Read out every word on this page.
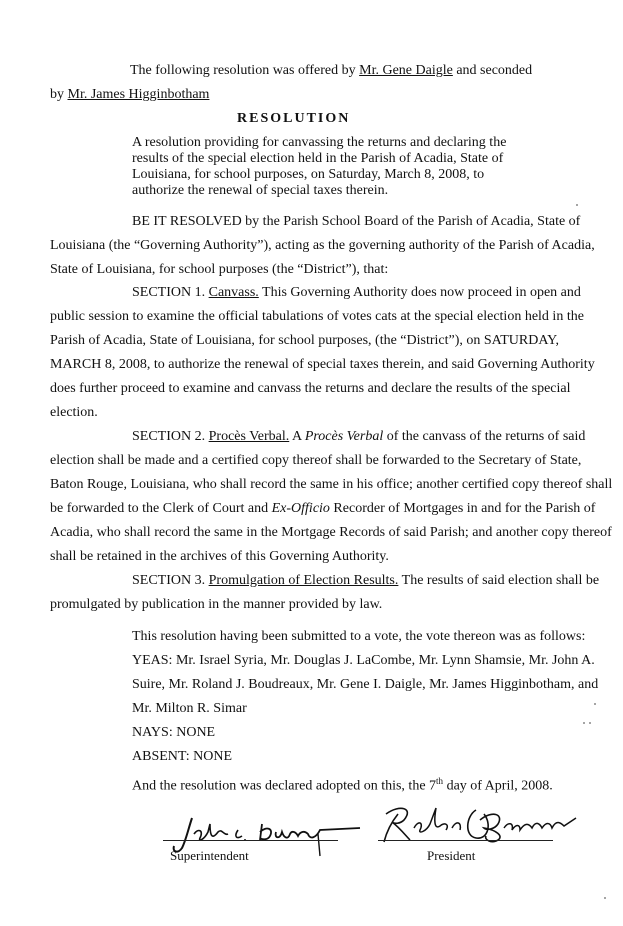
The following resolution was offered by Mr. Gene Daigle and seconded
by Mr. James Higginbotham
RESOLUTION
A resolution providing for canvassing the returns and declaring the
results of the special election held in the Parish of Acadia, State of
Louisiana, for school purposes, on Saturday, March 8, 2008, to
authorize the renewal of special taxes therein.
BE IT RESOLVED by the Parish School Board of the Parish of Acadia, State of
Louisiana (the “Governing Authority”), acting as the governing authority of the Parish of Acadia,
State of Louisiana, for school purposes (the “District”), that:
SECTION 1. Canvass. This Governing Authority does now proceed in open and
public session to examine the official tabulations of votes cats at the special election held in the
Parish of Acadia, State of Louisiana, for school purposes, (the “District”), on SATURDAY,
MARCH 8, 2008, to authorize the renewal of special taxes therein, and said Governing Authority
does further proceed to examine and canvass the returns and declare the results of the special
election.
SECTION 2. Procès Verbal. A Procès Verbal of the canvass of the returns of said
election shall be made and a certified copy thereof shall be forwarded to the Secretary of State,
Baton Rouge, Louisiana, who shall record the same in his office; another certified copy thereof shall
be forwarded to the Clerk of Court and Ex-Officio Recorder of Mortgages in and for the Parish of
Acadia, who shall record the same in the Mortgage Records of said Parish; and another copy thereof
shall be retained in the archives of this Governing Authority.
SECTION 3. Promulgation of Election Results. The results of said election shall be
promulgated by publication in the manner provided by law.
This resolution having been submitted to a vote, the vote thereon was as follows:
YEAS: Mr. Israel Syria, Mr. Douglas J. LaCombe, Mr. Lynn Shamsie, Mr. John A.
Suire, Mr. Roland J. Boudreaux, Mr. Gene I. Daigle, Mr. James Higginbotham, and
Mr. Milton R. Simar
NAYS: NONE
ABSENT: NONE
And the resolution was declared adopted on this, the 7th day of April, 2008.
Superintendent	President
